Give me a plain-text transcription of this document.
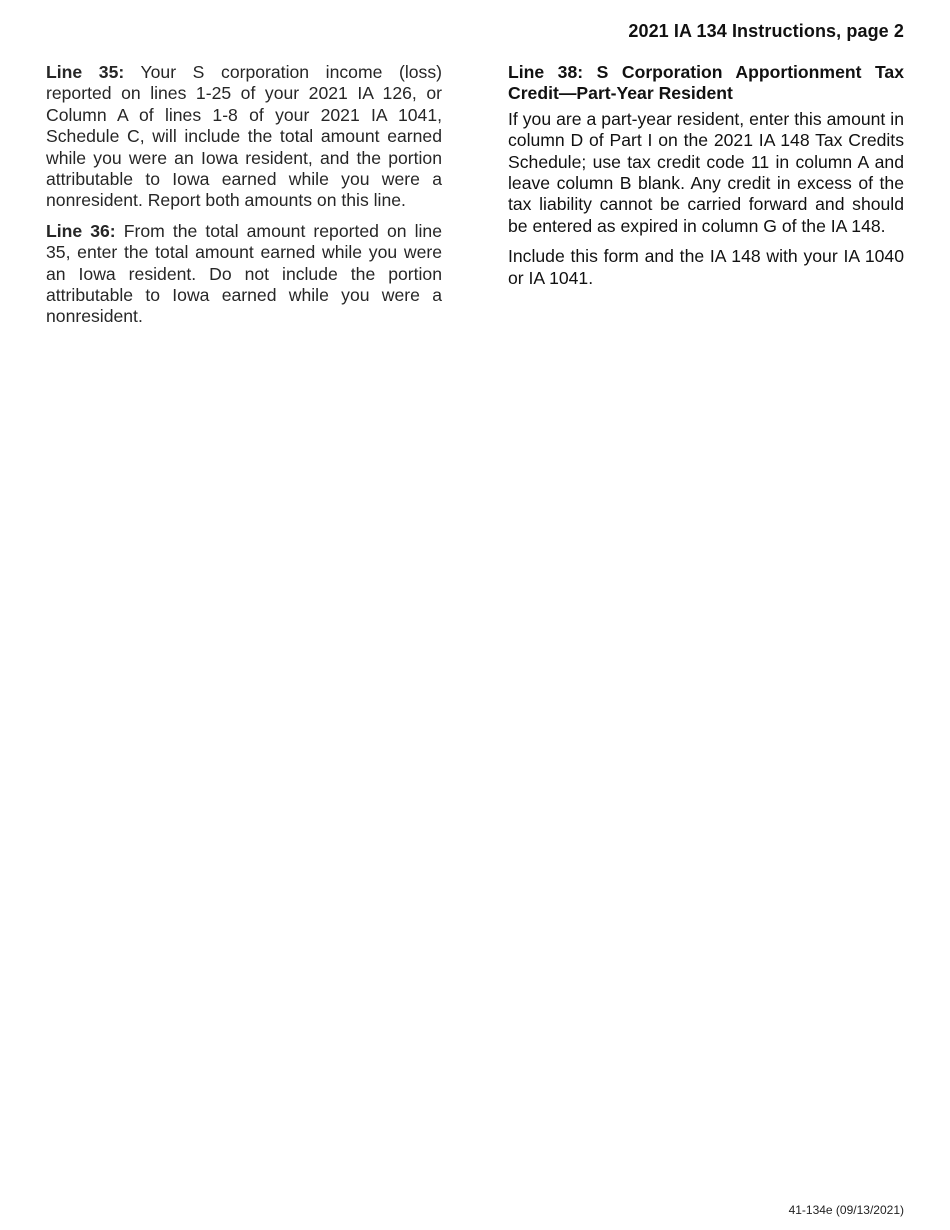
2021 IA 134 Instructions, page 2

Line 35: Your S corporation income (loss) reported on lines 1-25 of your 2021 IA 126, or Column A of lines 1-8 of your 2021 IA 1041, Schedule C, will include the total amount earned while you were an Iowa resident, and the portion attributable to Iowa earned while you were a nonresident. Report both amounts on this line.

Line 36: From the total amount reported on line 35, enter the total amount earned while you were an Iowa resident. Do not include the portion attributable to Iowa earned while you were a nonresident.

Line 38: S Corporation Apportionment Tax Credit—Part-Year Resident

If you are a part-year resident, enter this amount in column D of Part I on the 2021 IA 148 Tax Credits Schedule; use tax credit code 11 in column A and leave column B blank. Any credit in excess of the tax liability cannot be carried forward and should be entered as expired in column G of the IA 148.

Include this form and the IA 148 with your IA 1040 or IA 1041.

41-134e (09/13/2021)
